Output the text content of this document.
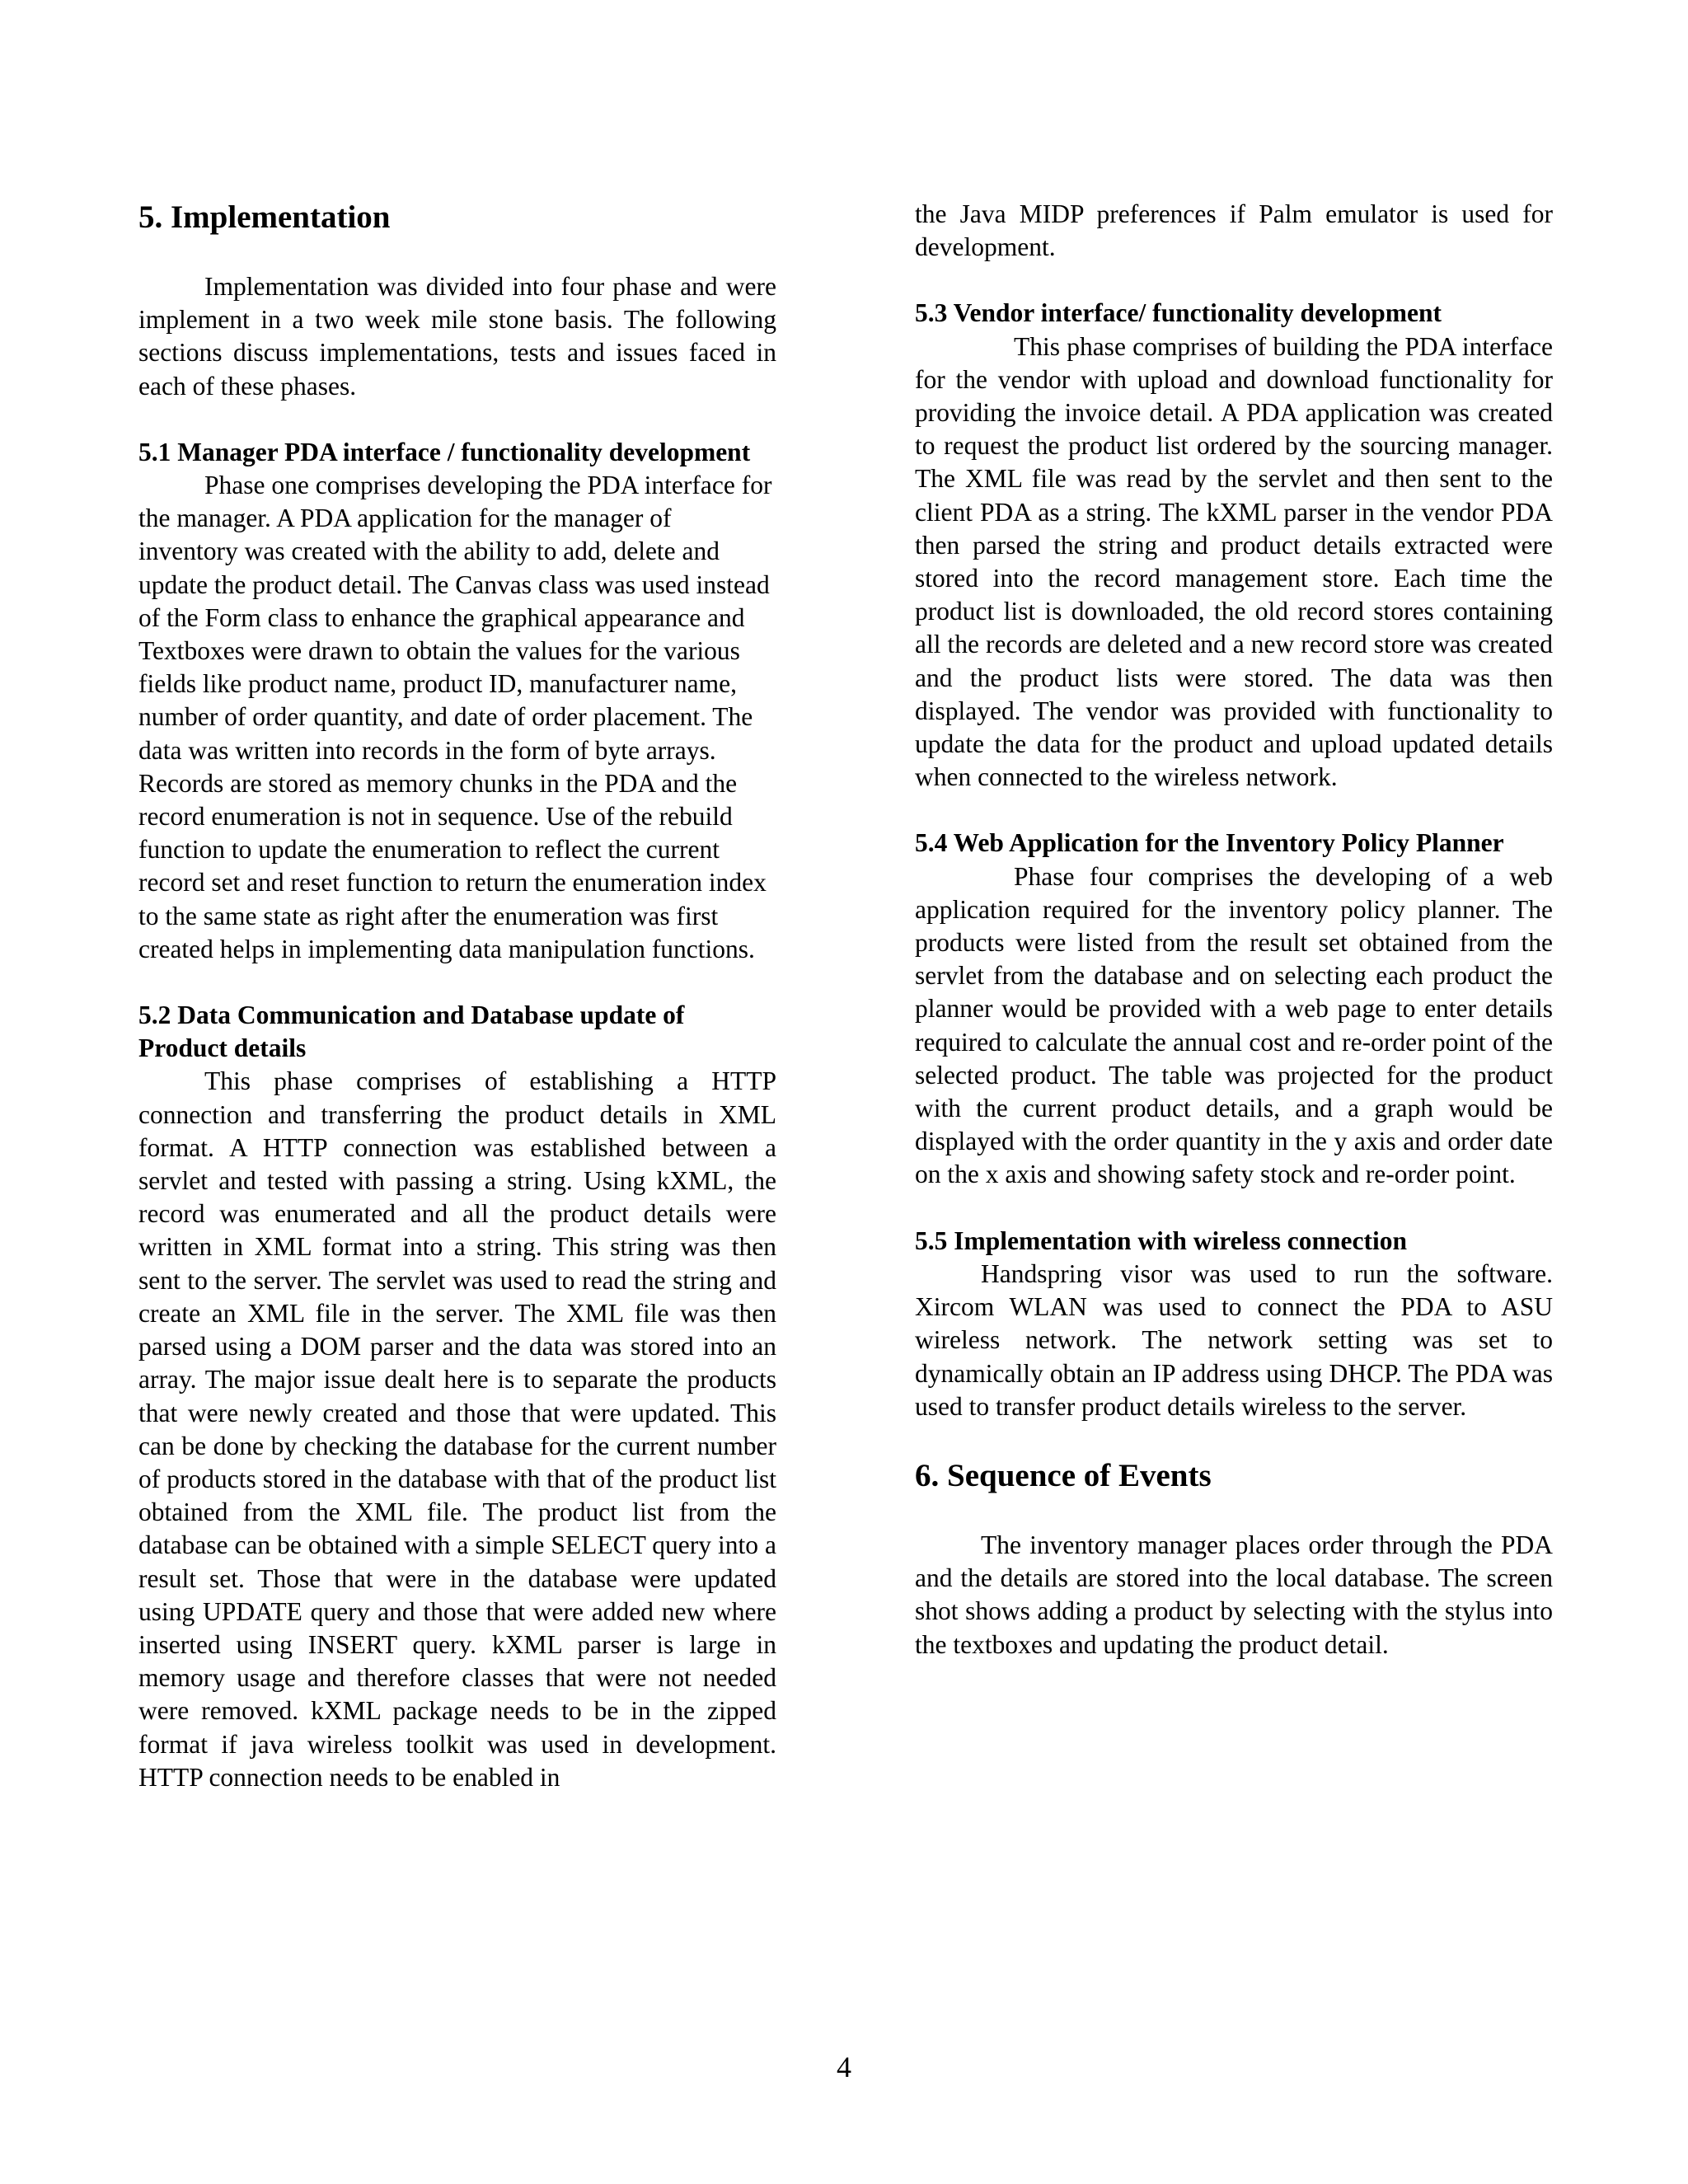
5. Implementation

Implementation was divided into four phase and were implement in a two week mile stone basis. The following sections discuss implementations, tests and issues faced in each of these phases.

5.1 Manager PDA interface / functionality development

Phase one comprises developing the PDA interface for the manager. A PDA application for the manager of inventory was created with the ability to add, delete and update the product detail. The Canvas class was used instead of the Form class to enhance the graphical appearance and Textboxes were drawn to obtain the values for the various fields like product name, product ID, manufacturer name, number of order quantity, and date of order placement. The data was written into records in the form of byte arrays. Records are stored as memory chunks in the PDA and the record enumeration is not in sequence. Use of the rebuild function to update the enumeration to reflect the current record set and reset function to return the enumeration index to the same state as right after the enumeration was first created helps in implementing data manipulation functions.

5.2 Data Communication and Database update of Product details

This phase comprises of establishing a HTTP connection and transferring the product details in XML format. A HTTP connection was established between a servlet and tested with passing a string. Using kXML, the record was enumerated and all the product details were written in XML format into a string. This string was then sent to the server. The servlet was used to read the string and create an XML file in the server. The XML file was then parsed using a DOM parser and the data was stored into an array. The major issue dealt here is to separate the products that were newly created and those that were updated. This can be done by checking the database for the current number of products stored in the database with that of the product list obtained from the XML file. The product list from the database can be obtained with a simple SELECT query into a result set. Those that were in the database were updated using UPDATE query and those that were added new where inserted using INSERT query. kXML parser is large in memory usage and therefore classes that were not needed were removed. kXML package needs to be in the zipped format if java wireless toolkit was used in development. HTTP connection needs to be enabled in

the Java MIDP preferences if Palm emulator is used for development.

5.3 Vendor interface/ functionality development

This phase comprises of building the PDA interface for the vendor with upload and download functionality for providing the invoice detail. A PDA application was created to request the product list ordered by the sourcing manager. The XML file was read by the servlet and then sent to the client PDA as a string. The kXML parser in the vendor PDA then parsed the string and product details extracted were stored into the record management store. Each time the product list is downloaded, the old record stores containing all the records are deleted and a new record store was created and the product lists were stored. The data was then displayed. The vendor was provided with functionality to update the data for the product and upload updated details when connected to the wireless network.

5.4 Web Application for the Inventory Policy Planner

Phase four comprises the developing of a web application required for the inventory policy planner. The products were listed from the result set obtained from the servlet from the database and on selecting each product the planner would be provided with a web page to enter details required to calculate the annual cost and re-order point of the selected product. The table was projected for the product with the current product details, and a graph would be displayed with the order quantity in the y axis and order date on the x axis and showing safety stock and re-order point.

5.5 Implementation with wireless connection

Handspring visor was used to run the software. Xircom WLAN was used to connect the PDA to ASU wireless network. The network setting was set to dynamically obtain an IP address using DHCP. The PDA was used to transfer product details wireless to the server.

6. Sequence of Events

The inventory manager places order through the PDA and the details are stored into the local database. The screen shot shows adding a product by selecting with the stylus into the textboxes and updating the product detail.

4
